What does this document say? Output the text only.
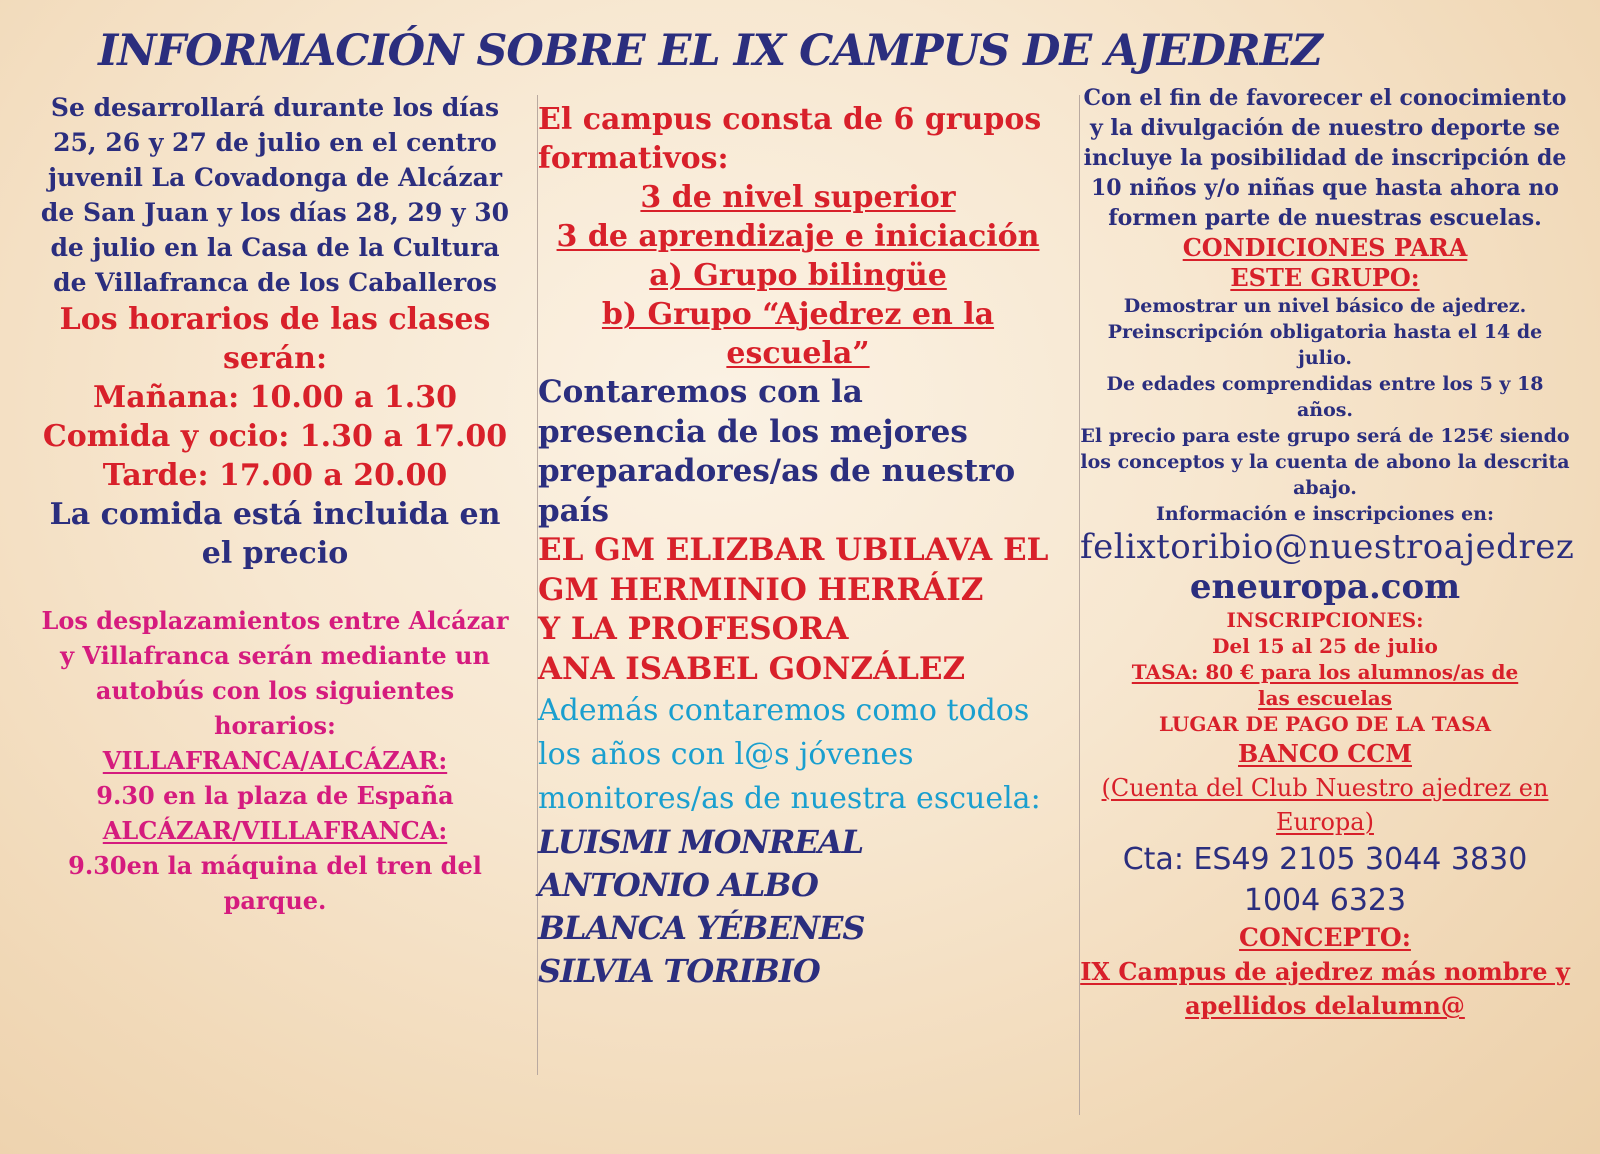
INFORMACIÓN SOBRE EL IX CAMPUS DE AJEDREZ
Se desarrollará durante los días 25, 26 y 27 de julio en el centro juvenil La Covadonga de Alcázar de San Juan y los días 28, 29 y 30 de julio en la Casa de la Cultura de Villafranca de los Caballeros
Los horarios de las clases serán:
Mañana: 10.00 a 1.30
Comida y ocio: 1.30 a 17.00
Tarde: 17.00 a 20.00
La comida está incluida en el precio
Los desplazamientos entre Alcázar y Villafranca serán mediante un autobús con los siguientes horarios:
VILLAFRANCA/ALCÁZAR:
9.30 en la plaza de España
ALCÁZAR/VILLAFRANCA:
9.30en la máquina del tren del parque.
El campus consta de 6 grupos formativos:
3 de nivel superior
3 de aprendizaje e iniciación
a) Grupo bilingüe
b) Grupo “Ajedrez en la escuela”
Contaremos con la presencia de los mejores preparadores/as de nuestro país
EL GM ELIZBAR UBILAVA EL
GM HERMINIO HERRÁIZ
Y LA PROFESORA
ANA ISABEL GONZÁLEZ
Además contaremos como todos los años con l@s jóvenes monitores/as de nuestra escuela:
LUISMI MONREAL
ANTONIO ALBO
BLANCA YÉBENES
SILVIA TORIBIO
Con el fin de favorecer el conocimiento y la divulgación de nuestro deporte se incluye la posibilidad de inscripción de 10 niños y/o niñas que hasta ahora no formen parte de nuestras escuelas.
CONDICIONES PARA ESTE GRUPO:
Demostrar un nivel básico de ajedrez.
Preinscripción obligatoria hasta el 14 de julio.
De edades comprendidas entre los 5 y 18 años.
El precio para este grupo será de 125€ siendo los conceptos y la cuenta de abono la descrita abajo.
Información e inscripciones en:
felixtoribio@nuestroajedrez
eneuropa.com
INSCRIPCIONES:
Del 15 al 25 de julio
TASA: 80 € para los alumnos/as de las escuelas
LUGAR DE PAGO DE LA TASA
BANCO CCM
(Cuenta del Club Nuestro ajedrez en Europa)
Cta: ES49 2105 3044 3830 1004 6323
CONCEPTO:
IX Campus de ajedrez más nombre y apellidos delalumn@
